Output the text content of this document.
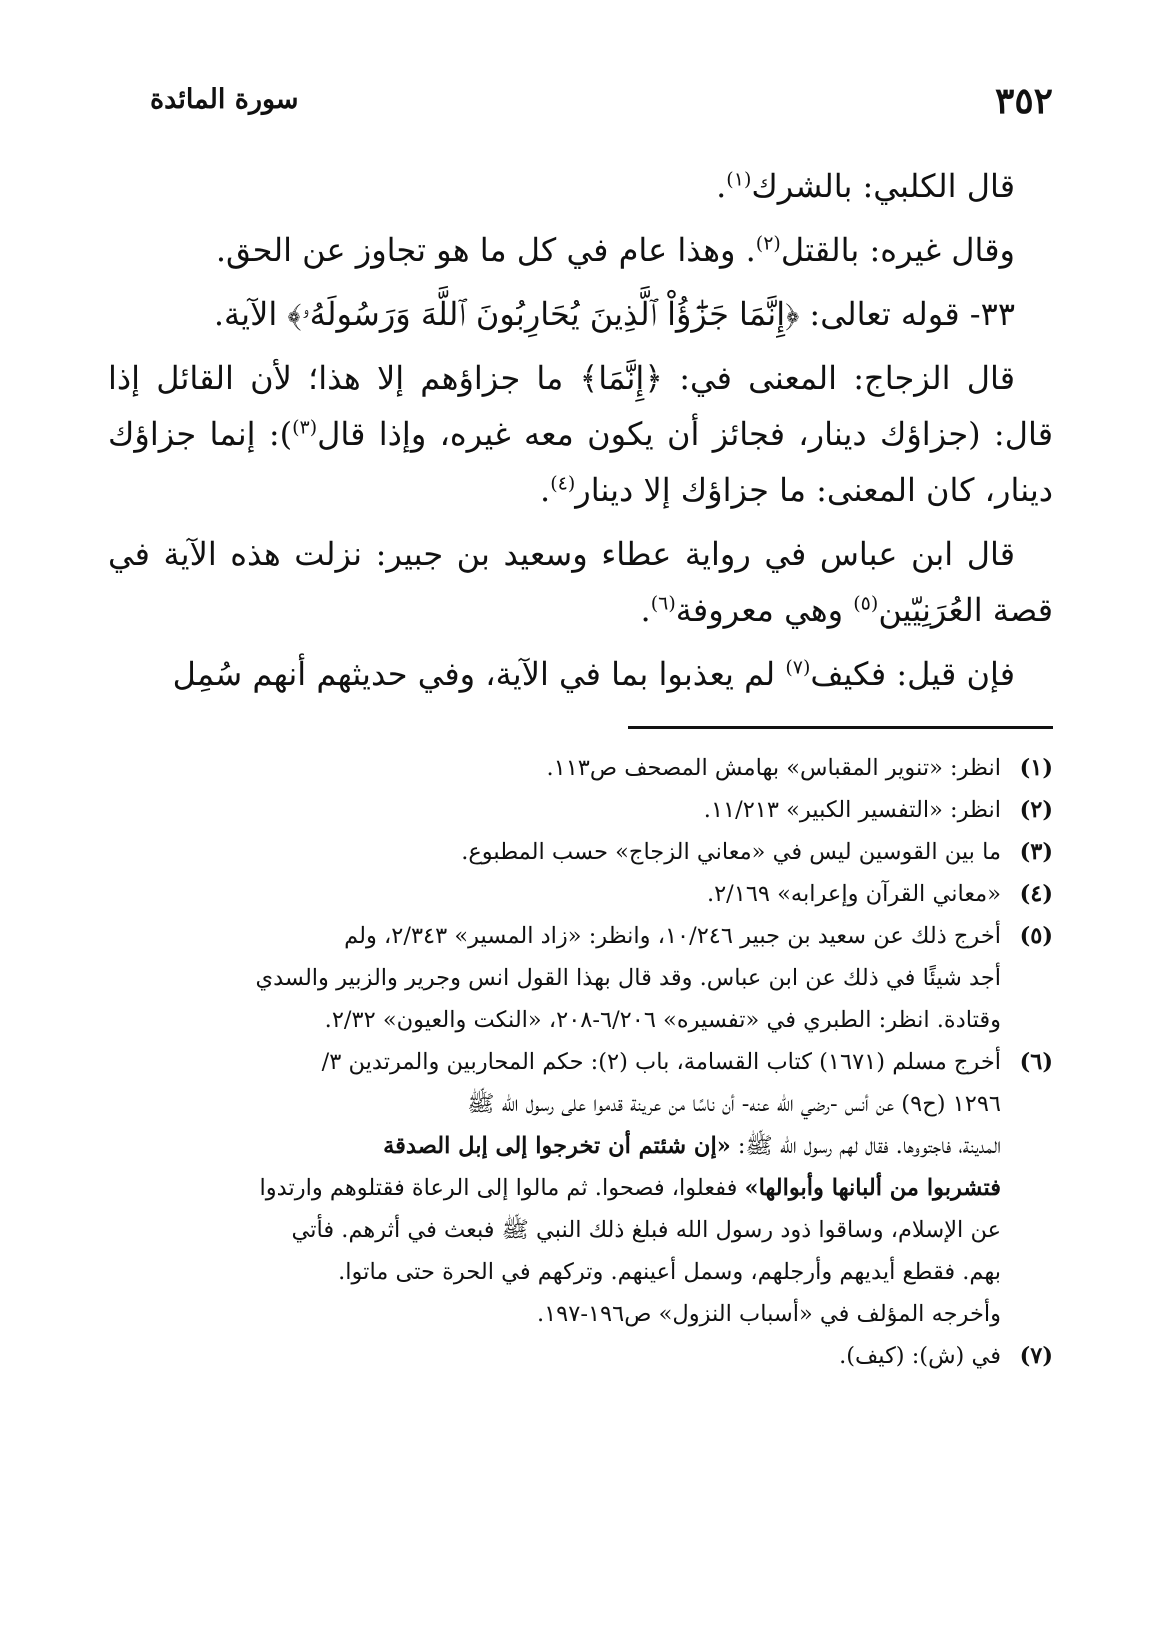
٣٥٢
سورة المائدة

قال الكلبي: بالشرك$^{(١)}$.

وقال غيره: بالقتل$^{(٢)}$. وهذا عام في كل ما هو تجاوز عن الحق.

٣٣- قوله تعالى: ﴿إِنَّمَا جَزَٰٓؤُاْ ٱلَّذِينَ يُحَارِبُونَ ٱللَّهَ وَرَسُولَهُۥ﴾ الآية.

قال الزجاج: المعنى في: ﴿إِنَّمَا﴾ ما جزاؤهم إلا هذا؛ لأن القائل إذا قال: (جزاؤك دينار، فجائز أن يكون معه غيره، وإذا قال$^{(٣)}$): إنما جزاؤك دينار، كان المعنى: ما جزاؤك إلا دينار$^{(٤)}$.

قال ابن عباس في رواية عطاء وسعيد بن جبير: نزلت هذه الآية في قصة العُرَنِيّين$^{(٥)}$ وهي معروفة$^{(٦)}$.

فإن قيل: فكيف$^{(٧)}$ لم يعذبوا بما في الآية، وفي حديثهم أنهم سُمِل

(١)
انظر: «تنوير المقباس» بهامش المصحف ص١١٣.
(٢)
انظر: «التفسير الكبير» ١١/٢١٣.
(٣)
ما بين القوسين ليس في «معاني الزجاج» حسب المطبوع.
(٤)
«معاني القرآن وإعرابه» ٢/١٦٩.
(٥)
أخرج ذلك عن سعيد بن جبير ١٠/٢٤٦، وانظر: «زاد المسير» ٢/٣٤٣، ولم
أجد شيئًا في ذلك عن ابن عباس. وقد قال بهذا القول انس وجرير والزبير والسدي
وقتادة. انظر: الطبري في «تفسيره» ٦/٢٠٦-٢٠٨، «النكت والعيون» ٢/٣٢.
(٦)
أخرج مسلم (١٦٧١) كتاب القسامة، باب (٢): حكم المحاربين والمرتدين ٣/
١٢٩٦ (ح٩) عن أنس -رضي الله عنه- أن ناسًا من عرينة قدموا على رسول الله ﷺ
المدينة، فاجتووها. فقال لهم رسول الله ﷺ: «إن شئتم أن تخرجوا إلى إبل الصدقة
فتشربوا من ألبانها وأبوالها» ففعلوا، فصحوا. ثم مالوا إلى الرعاة فقتلوهم وارتدوا
عن الإسلام، وساقوا ذود رسول الله فبلغ ذلك النبي ﷺ فبعث في أثرهم. فأتي
بهم. فقطع أيديهم وأرجلهم، وسمل أعينهم. وتركهم في الحرة حتى ماتوا.
وأخرجه المؤلف في «أسباب النزول» ص١٩٦-١٩٧.
(٧)
في (ش): (كيف).
